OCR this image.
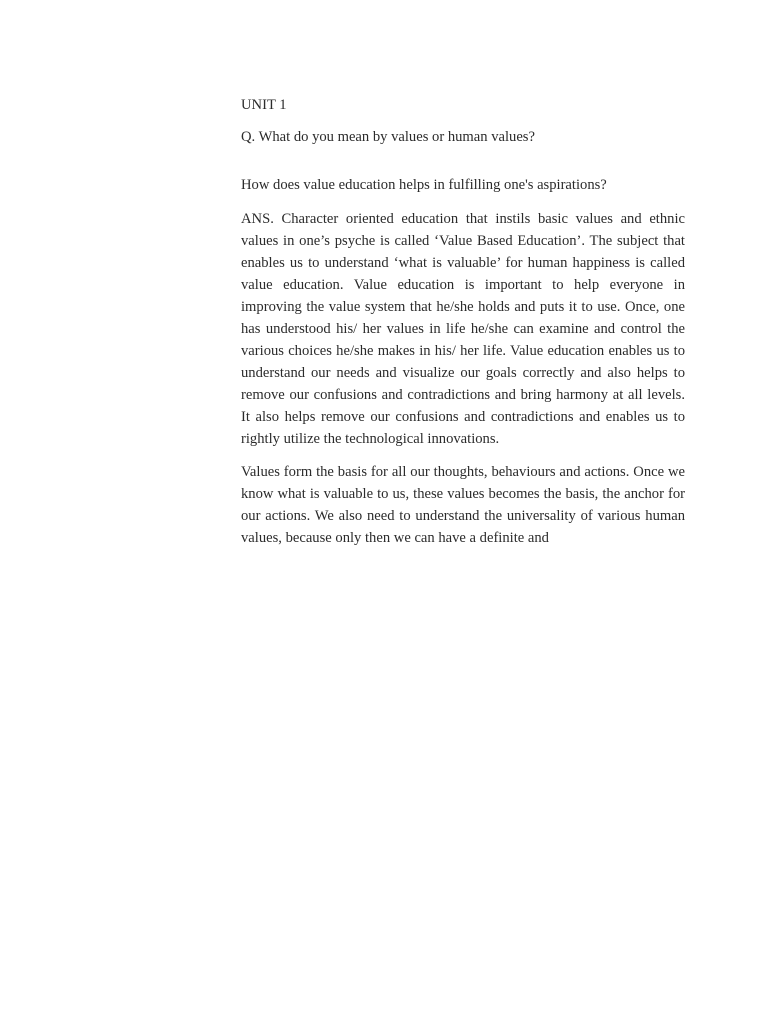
UNIT 1

Q. What do you mean by values or human values?

How does value education helps in fulfilling one's aspirations?

ANS. Character oriented education that instils basic values and ethnic values in one’s psyche is called ‘Value Based Education’. The subject that enables us to understand ‘what is valuable’ for human happiness is called value education. Value education is important to help everyone in improving the value system that he/she holds and puts it to use. Once, one has understood his/ her values in life he/she can examine and control the various choices he/she makes in his/ her life. Value education enables us to understand our needs and visualize our goals correctly and also helps to remove our confusions and contradictions and bring harmony at all levels. It also helps remove our confusions and contradictions and enables us to rightly utilize the technological innovations.

Values form the basis for all our thoughts, behaviours and actions. Once we know what is valuable to us, these values becomes the basis, the anchor for our actions. We also need to understand the universality of various human values, because only then we can have a definite and
